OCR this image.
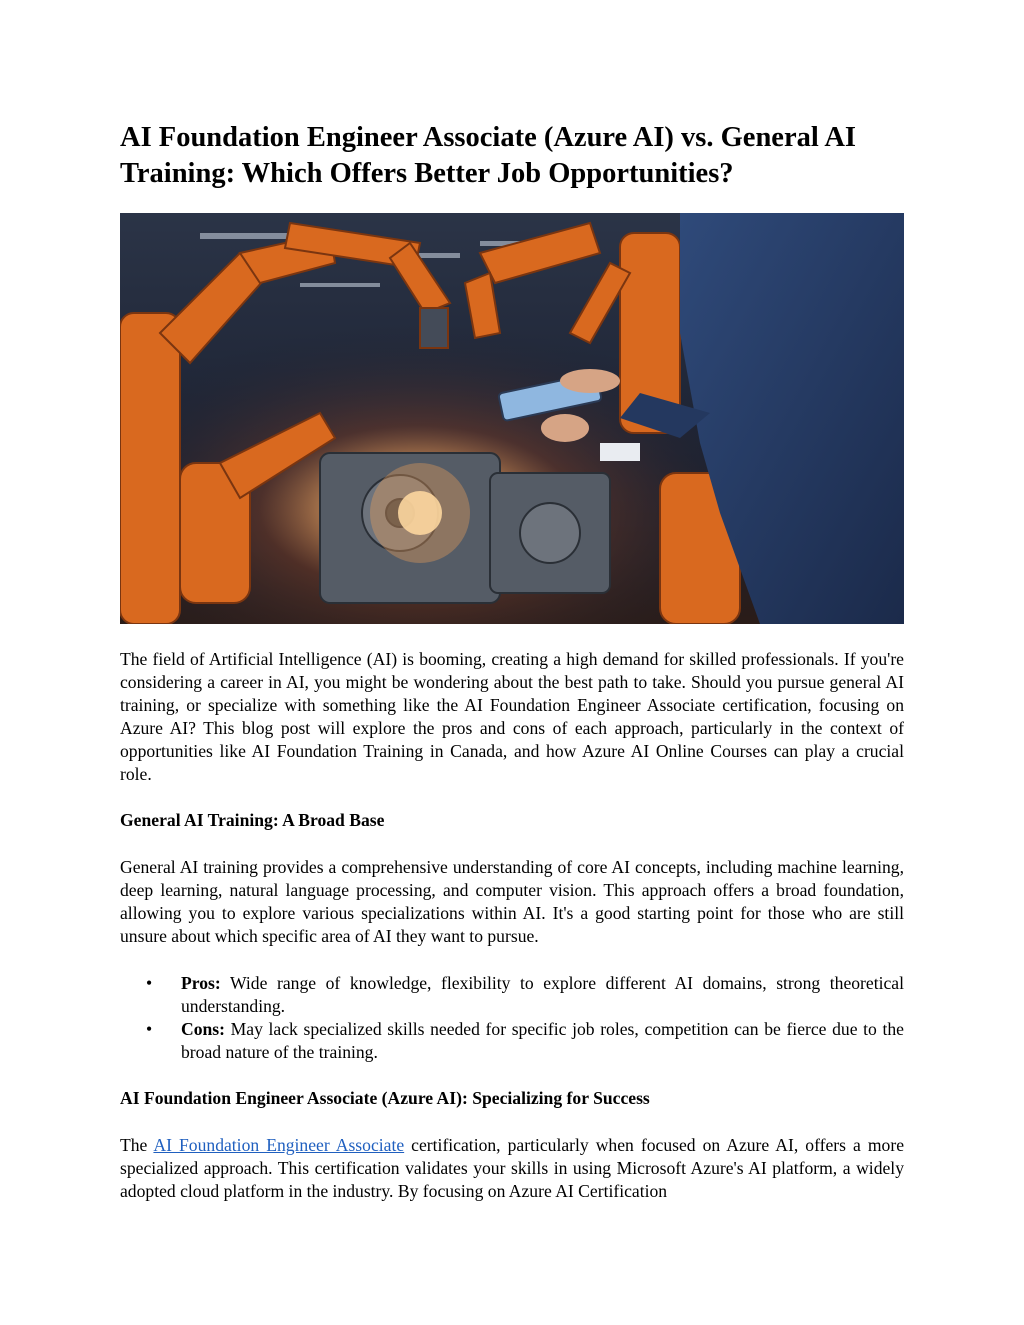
AI Foundation Engineer Associate (Azure AI) vs. General AI Training: Which Offers Better Job Opportunities?

The field of Artificial Intelligence (AI) is booming, creating a high demand for skilled professionals. If you're considering a career in AI, you might be wondering about the best path to take. Should you pursue general AI training, or specialize with something like the AI Foundation Engineer Associate certification, focusing on Azure AI? This blog post will explore the pros and cons of each approach, particularly in the context of opportunities like AI Foundation Training in Canada, and how Azure AI Online Courses can play a crucial role.

General AI Training: A Broad Base

General AI training provides a comprehensive understanding of core AI concepts, including machine learning, deep learning, natural language processing, and computer vision. This approach offers a broad foundation, allowing you to explore various specializations within AI. It's a good starting point for those who are still unsure about which specific area of AI they want to pursue.

• Pros: Wide range of knowledge, flexibility to explore different AI domains, strong theoretical understanding.
• Cons: May lack specialized skills needed for specific job roles, competition can be fierce due to the broad nature of the training.

AI Foundation Engineer Associate (Azure AI): Specializing for Success

The AI Foundation Engineer Associate certification, particularly when focused on Azure AI, offers a more specialized approach. This certification validates your skills in using Microsoft Azure's AI platform, a widely adopted cloud platform in the industry. By focusing on Azure AI Certification
